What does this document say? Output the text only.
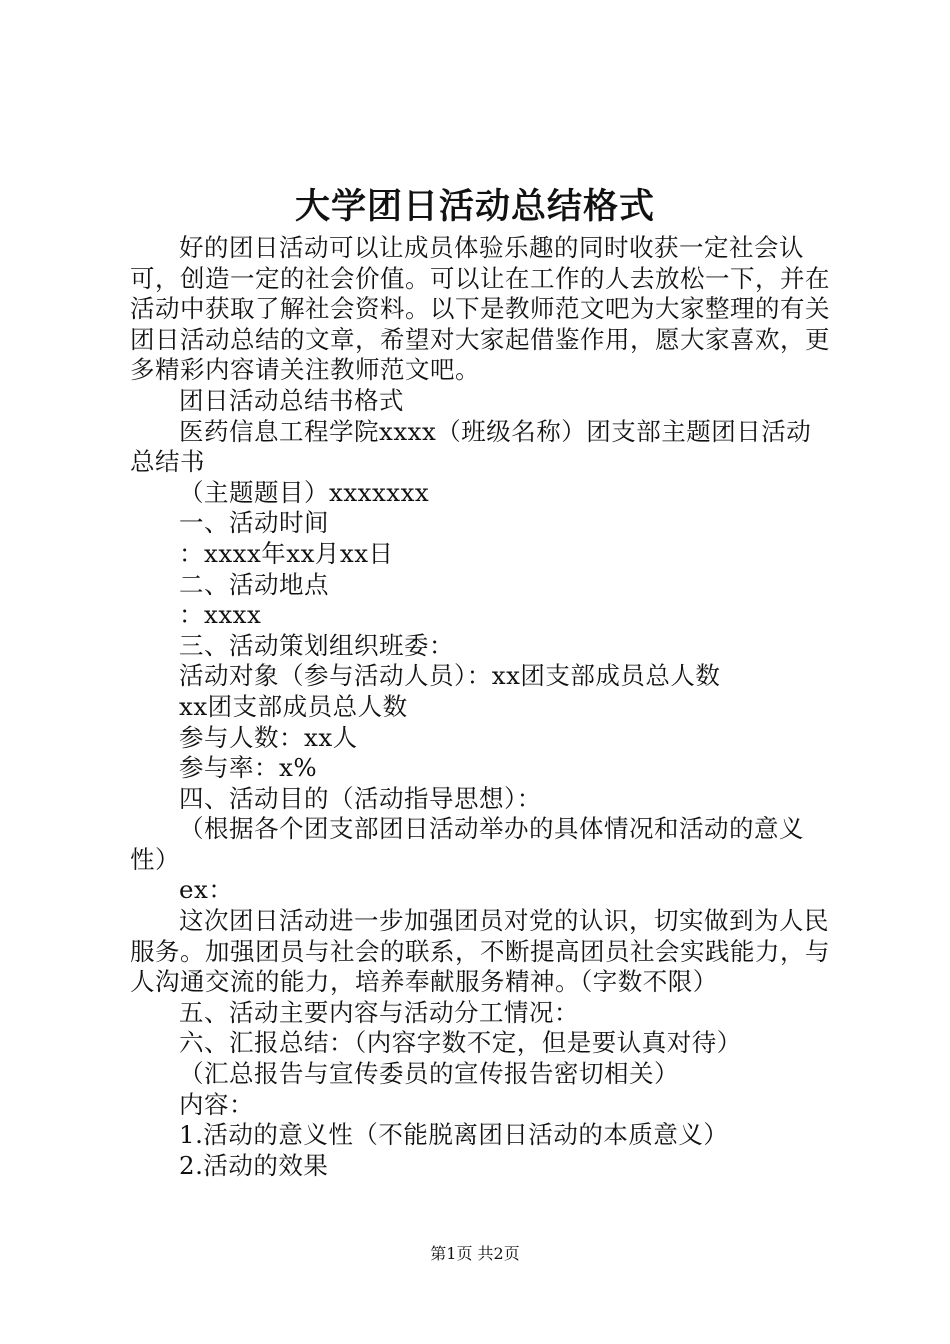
大学团日活动总结格式

好的团日活动可以让成员体验乐趣的同时收获一定社会认可，创造一定的社会价值。可以让在工作的人去放松一下，并在活动中获取了解社会资料。以下是教师范文吧为大家整理的有关团日活动总结的文章，希望对大家起借鉴作用，愿大家喜欢，更多精彩内容请关注教师范文吧。

团日活动总结书格式

医药信息工程学院xxxx（班级名称）团支部主题团日活动总结书

（主题题目）xxxxxxx

一、活动时间

：xxxx年xx月xx日

二、活动地点

：xxxx

三、活动策划组织班委：

活动对象（参与活动人员）：xx团支部成员总人数

xx团支部成员总人数

参与人数：xx人

参与率：x%

四、活动目的（活动指导思想）：

（根据各个团支部团日活动举办的具体情况和活动的意义性）

ex：

这次团日活动进一步加强团员对党的认识，切实做到为人民服务。加强团员与社会的联系，不断提高团员社会实践能力，与人沟通交流的能力，培养奉献服务精神。（字数不限）

五、活动主要内容与活动分工情况：

六、汇报总结：（内容字数不定，但是要认真对待）

（汇总报告与宣传委员的宣传报告密切相关）

内容：

1.活动的意义性（不能脱离团日活动的本质意义）

2.活动的效果

第1页 共2页
